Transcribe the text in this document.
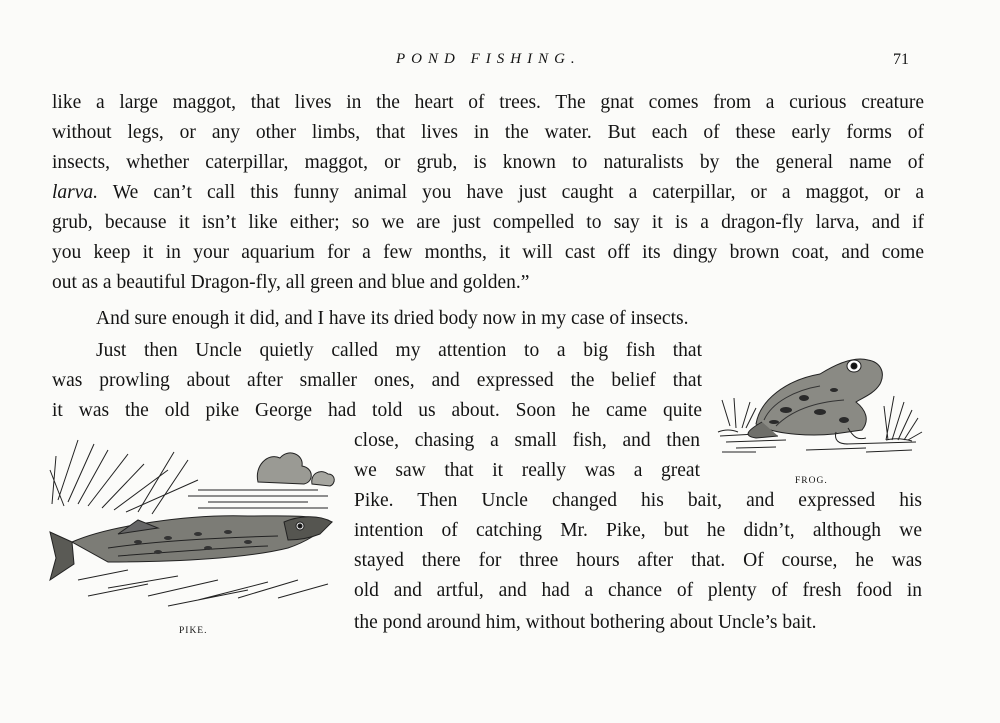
POND FISHING.	71
like a large maggot, that lives in the heart of trees. The gnat comes from a curious creature
without legs, or any other limbs, that lives in the water. But each of these early forms of
insects, whether caterpillar, maggot, or grub, is known to naturalists by the general name of
larva. We can’t call this funny animal you have just caught a caterpillar, or a maggot, or a
grub, because it isn’t like either; so we are just compelled to say it is a dragon-fly larva, and if
you keep it in your aquarium for a few months, it will cast off its dingy brown coat, and come
out as a beautiful Dragon-fly, all green and blue and golden.”
And sure enough it did, and I have its dried body now in my case of insects.
Just then Uncle quietly called my attention to a big fish that
was prowling about after smaller ones, and expressed the belief that
it was the old pike George had told us about. Soon he came quite
close, chasing a small fish, and then
we saw that it really was a great
Pike. Then Uncle changed his bait, and expressed his
intention of catching Mr. Pike, but he didn’t, although we
stayed there for three hours after that. Of course, he was
old and artful, and had a chance of plenty of fresh food in
the pond around him, without bothering about Uncle’s bait.
FROG.
PIKE.
